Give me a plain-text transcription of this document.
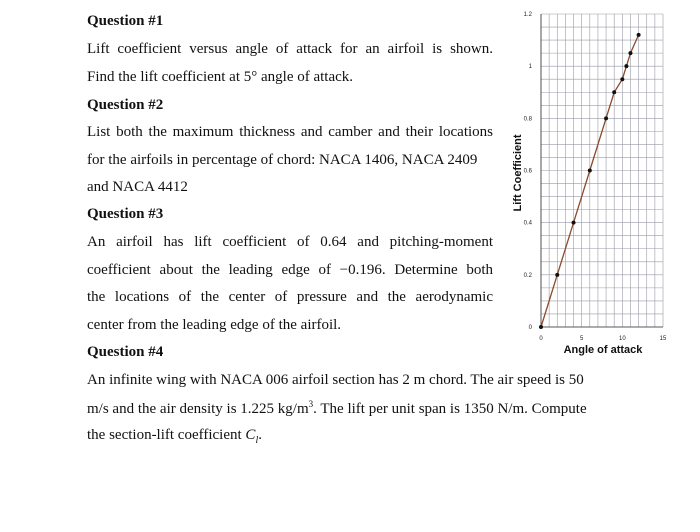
Question #1
Lift coefficient versus angle of attack for an airfoil is shown.
Find the lift coefficient at 5° angle of attack.
Question #2
List both the maximum thickness and camber and their locations
for the airfoils in percentage of chord: NACA 1406, NACA 2409
and NACA 4412
Question #3
An airfoil has lift coefficient of 0.64 and pitching-moment
coefficient about the leading edge of −0.196. Determine both
the locations of the center of pressure and the aerodynamic
center from the leading edge of the airfoil.
Question #4
An infinite wing with NACA 006 airfoil section has 2 m chord. The air speed is 50
m/s and the air density is 1.225 $kg/m^3$. The lift per unit span is 1350 N/m. Compute
the section-lift coefficient $C_l$.
0
0.2
0.4
0.6
0.8
1
1.2
0	5	10	15
Lift Coefficient
Angle of attack
